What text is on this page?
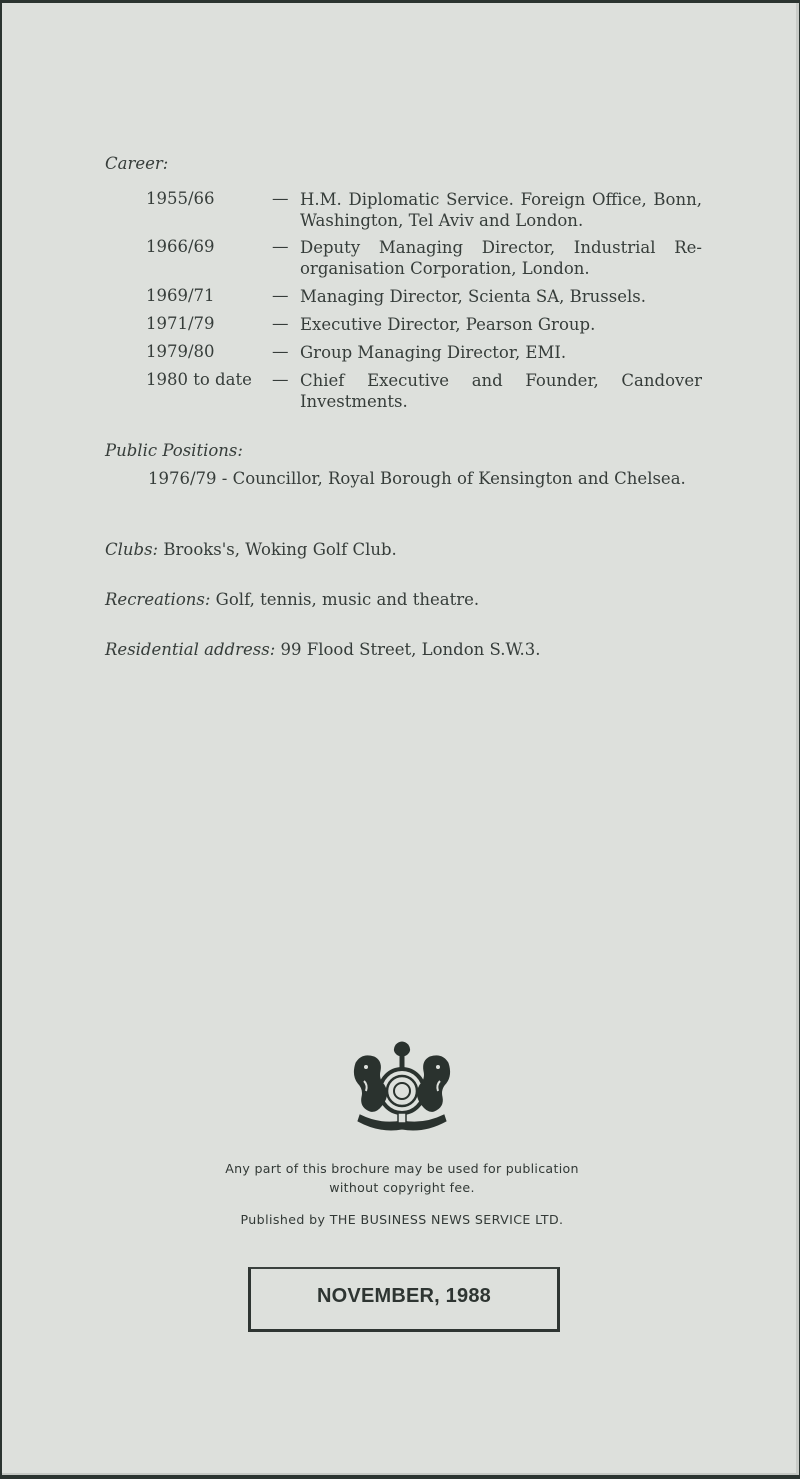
Career:
1955/66	— H.M. Diplomatic Service. Foreign Office, Bonn, Washington, Tel Aviv and London.
1966/69	— Deputy Managing Director, Industrial Re-organisation Corporation, London.
1969/71	— Managing Director, Scienta SA, Brussels.
1971/79	— Executive Director, Pearson Group.
1979/80	— Group Managing Director, EMI.
1980 to date — Chief Executive and Founder, Candover Investments.
Public Positions:
1976/79 - Councillor, Royal Borough of Kensington and Chelsea.
Clubs: Brooks's, Woking Golf Club.
Recreations: Golf, tennis, music and theatre.
Residential address: 99 Flood Street, London S.W.3.
Any part of this brochure may be used for publication
without copyright fee.
Published by THE BUSINESS NEWS SERVICE LTD.
NOVEMBER, 1988
